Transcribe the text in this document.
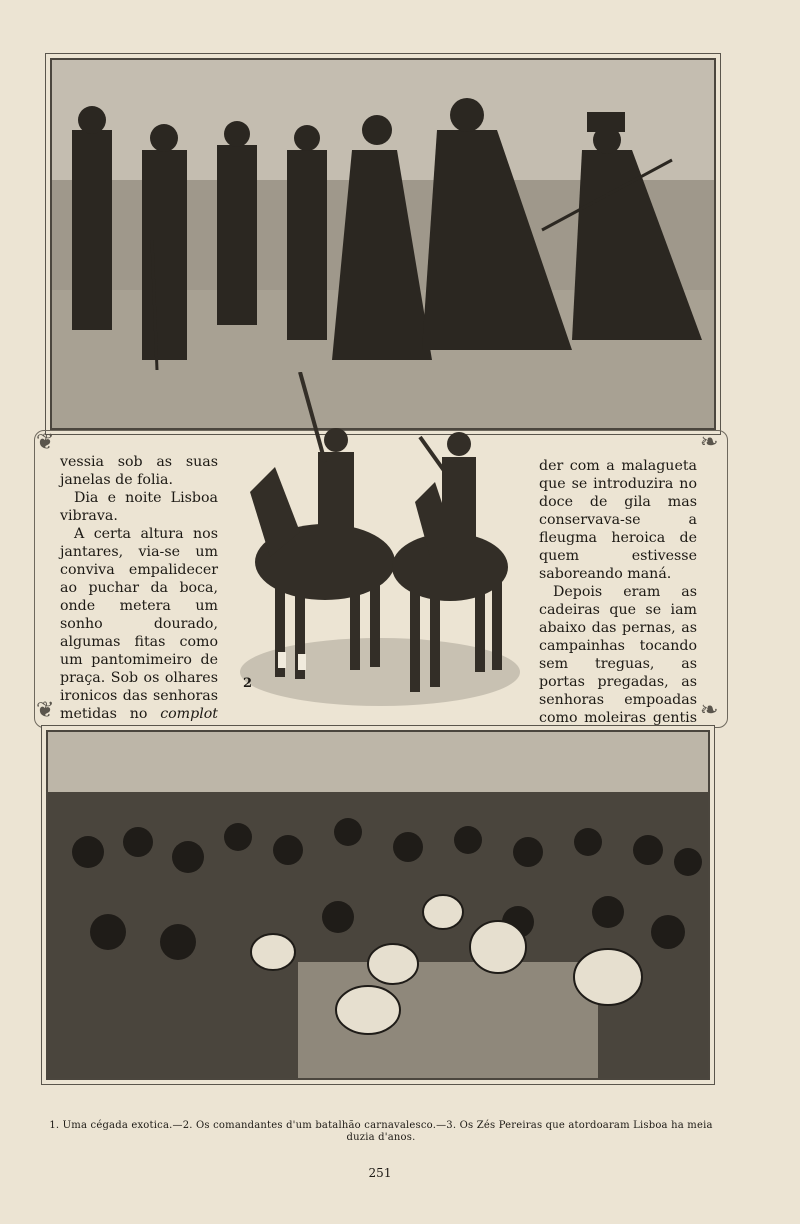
❦	❧
❦	❧

vessia sob as suas janelas de folia.

Dia e noite Lisboa vibrava.

A certa altura nos jantares, via-se um conviva empalidecer ao puchar da boca, onde metera um sonho dourado, algumas fitas como um pantomimeiro de praça. Sob os olhares ironicos das senhoras metidas no complot

2

der com a malagueta que se introduzira no doce de gila mas conservava-se a fleugma heroica de quem estivesse saboreando maná.

Depois eram as cadeiras que se iam abaixo das pernas, as campainhas tocando sem treguas, as portas pregadas, as senhoras empoadas como moleiras gentis

1. Uma cégada exotica.—2. Os comandantes d'um batalhão carnavalesco.—3. Os Zés Pereiras que atordoaram Lisboa ha meia duzia d'anos.
251
